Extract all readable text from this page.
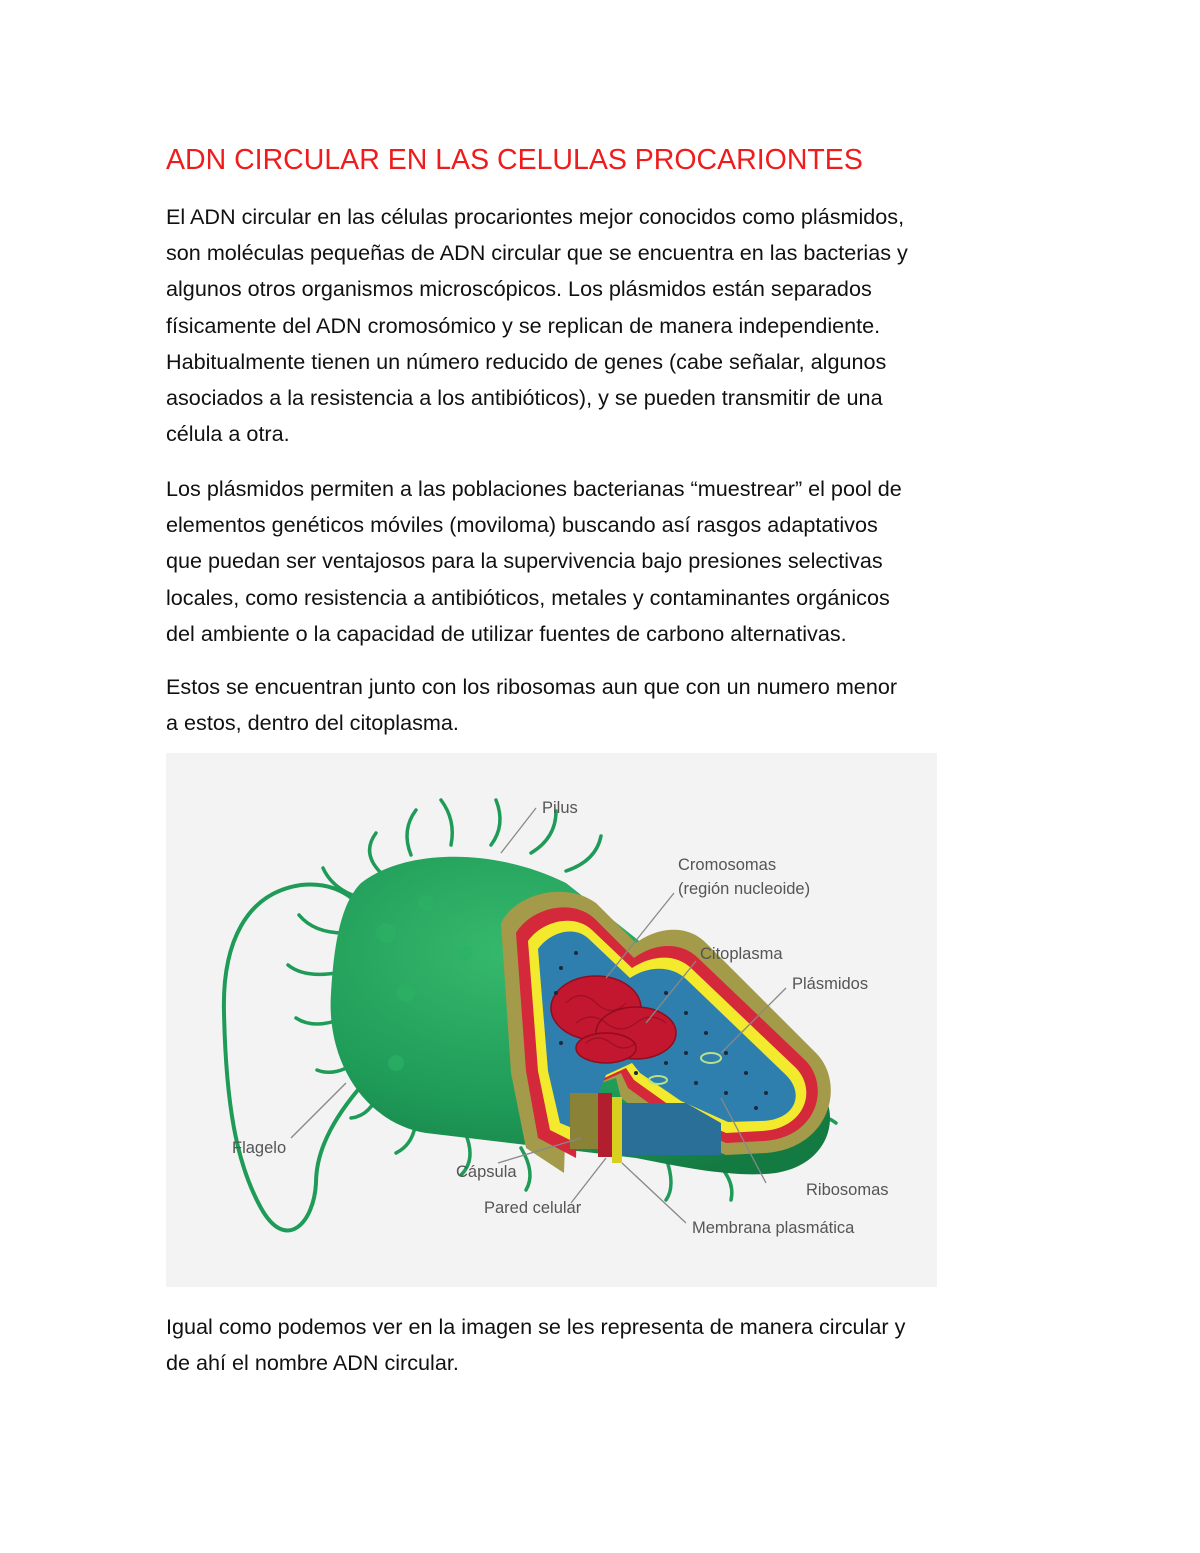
ADN CIRCULAR EN LAS CELULAS PROCARIONTES

El ADN circular en las células procariontes mejor conocidos como plásmidos,
son moléculas pequeñas de ADN circular que se encuentra en las bacterias y
algunos otros organismos microscópicos. Los plásmidos están separados
físicamente del ADN cromosómico y se replican de manera independiente.
Habitualmente tienen un número reducido de genes (cabe señalar, algunos
asociados a la resistencia a los antibióticos), y se pueden transmitir de una
célula a otra.

Los plásmidos permiten a las poblaciones bacterianas “muestrear” el pool de
elementos genéticos móviles (moviloma) buscando así rasgos adaptativos
que puedan ser ventajosos para la supervivencia bajo presiones selectivas
locales, como resistencia a antibióticos, metales y contaminantes orgánicos
del ambiente o la capacidad de utilizar fuentes de carbono alternativas.

Estos se encuentran junto con los ribosomas aun que con un numero menor
a estos, dentro del citoplasma.

Pilus
Cromosomas
(región nucleoide)
Citoplasma
Plásmidos
Flagelo
Cápsula
Pared celular
Ribosomas
Membrana plasmática

Igual como podemos ver en la imagen se les representa de manera circular y
de ahí el nombre ADN circular.
